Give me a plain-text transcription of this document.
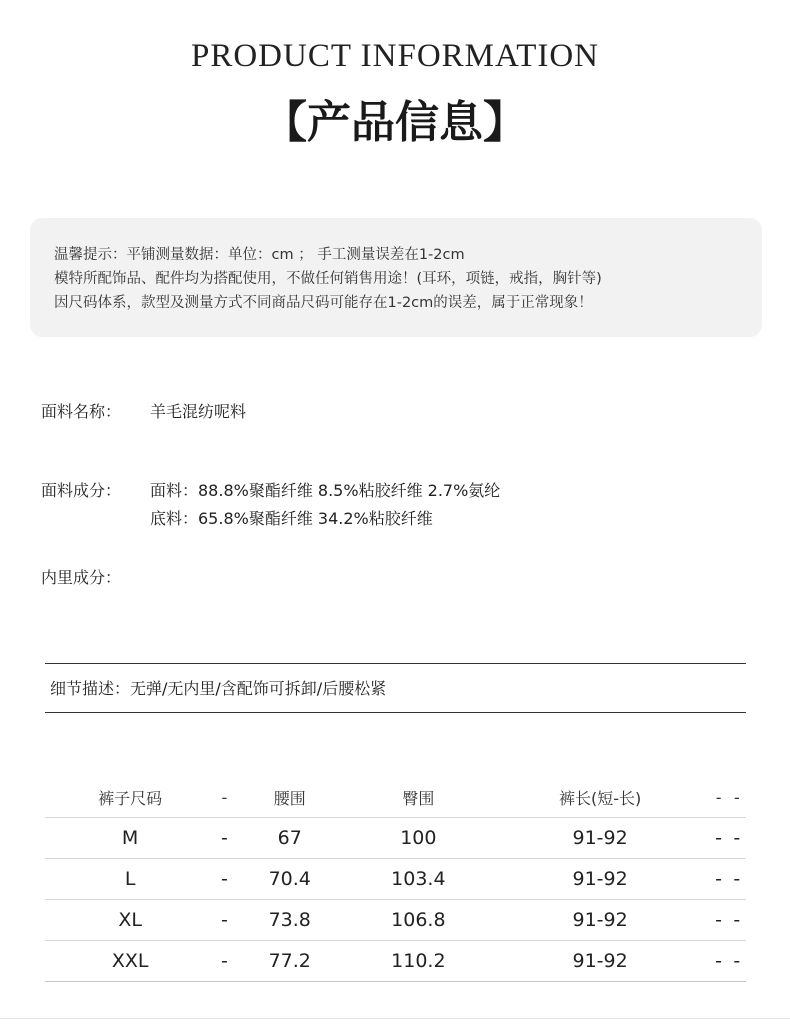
PRODUCT INFORMATION
【产品信息】
温馨提示：平铺测量数据：单位：cm ； 手工测量误差在1-2cm
模特所配饰品、配件均为搭配使用，不做任何销售用途！(耳环，项链，戒指，胸针等)
因尺码体系，款型及测量方式不同商品尺码可能存在1-2cm的误差，属于正常现象！
面料名称： 羊毛混纺呢料
面料成分： 面料：88.8%聚酯纤维 8.5%粘胶纤维 2.7%氨纶
底料：65.8%聚酯纤维 34.2%粘胶纤维
内里成分：
细节描述：无弹/无内里/含配饰可拆卸/后腰松紧
裤子尺码	-	腰围	臀围	裤长(短-长)	-	-
M	-	67	100	91-92	-	-
L	-	70.4	103.4	91-92	-	-
XL	-	73.8	106.8	91-92	-	-
XXL	-	77.2	110.2	91-92	-	-
